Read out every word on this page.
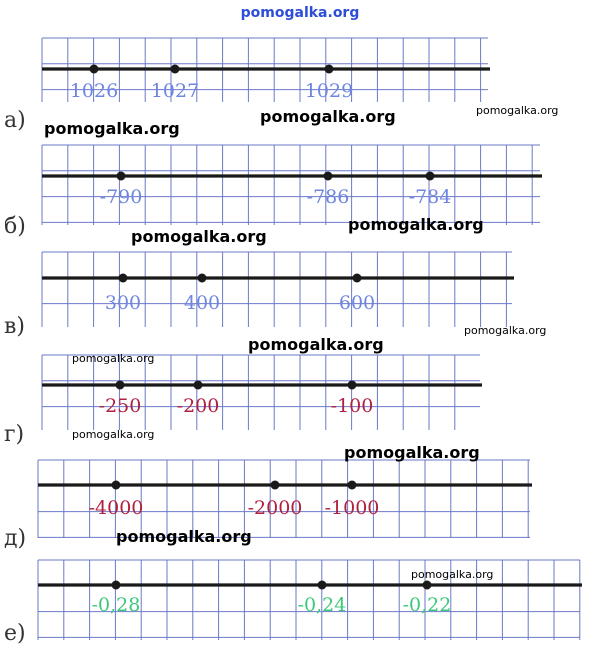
pomogalka.org
1026 1027	1029
а)
-790	-786	-784
б)
300 400	600
в)
-250 -200	-100
г)
-4000	-2000 -1000
д)
-0,28	-0,24	-0,22
е)
pomogalka.org
pomogalka.org	pomogalka.org
pomogalka.org
pomogalka.org
pomogalka.org
pomogalka.org
pomogalka.org
pomogalka.org
pomogalka.org
pomogalka.org
pomogalka.org
